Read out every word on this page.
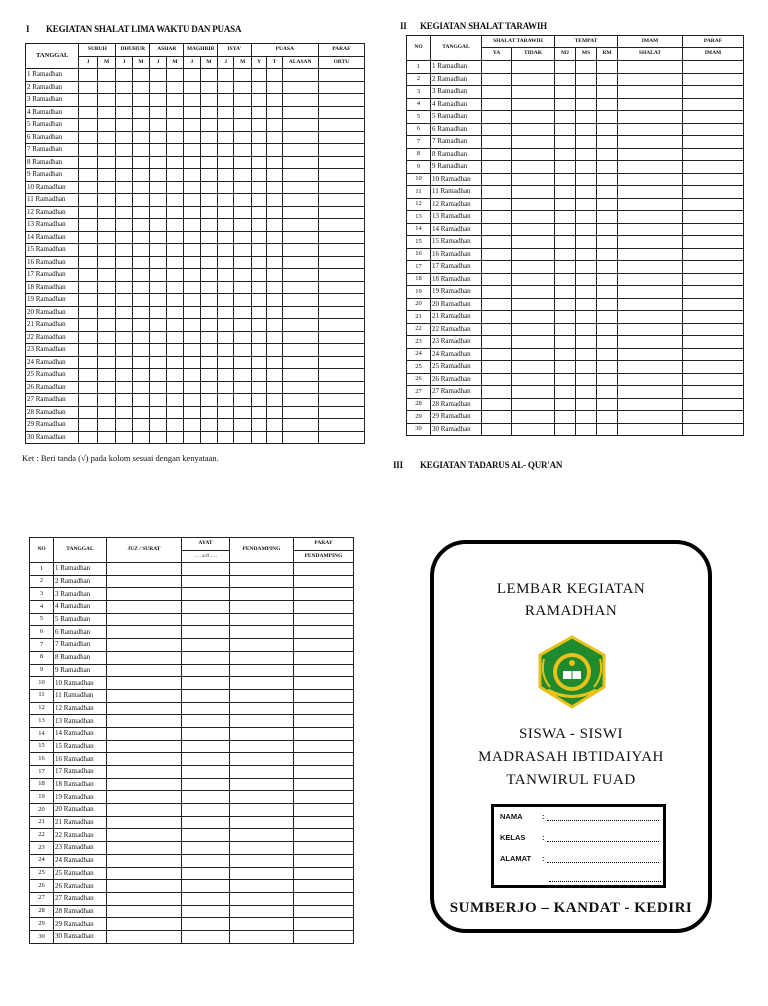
I KEGIATAN SHALAT LIMA WAKTU DAN PUASA
TANGGAL	SUBUH		DHUHUR		ASHAR		MAGHRIB		ISYA'		PUASA			PARAF
	J	M	J	M	J	M	J	M	J	M	Y	T	ALASAN	ORTU
1 Ramadhan														
2 Ramadhan														
3 Ramadhan														
4 Ramadhan														
5 Ramadhan														
6 Ramadhan														
7 Ramadhan														
8 Ramadhan														
9 Ramadhan														
10 Ramadhan														
11 Ramadhan														
12 Ramadhan														
13 Ramadhan														
14 Ramadhan														
15 Ramadhan														
16 Ramadhan														
17 Ramadhan														
18 Ramadhan														
19 Ramadhan														
20 Ramadhan														
21 Ramadhan														
22 Ramadhan														
23 Ramadhan														
24 Ramadhan														
25 Ramadhan														
26 Ramadhan														
27 Ramadhan														
28 Ramadhan														
29 Ramadhan														
30 Ramadhan														
Ket : Beri tanda (√) pada kolom sesuai dengan kenyataan.
II KEGIATAN SHALAT TARAWIH
NO	TANGGAL	SHALAT TARAWIH		TEMPAT			IMAM	PARAF
		YA	TIDAK	MJ	MS	RM	SHALAT	IMAM
1	1 Ramadhan							
2	2 Ramadhan							
3	3 Ramadhan							
4	4 Ramadhan							
5	5 Ramadhan							
6	6 Ramadhan							
7	7 Ramadhan							
8	8 Ramadhan							
9	9 Ramadhan							
10	10 Ramadhan							
11	11 Ramadhan							
12	12 Ramadhan							
13	13 Ramadhan							
14	14 Ramadhan							
15	15 Ramadhan							
16	16 Ramadhan							
17	17 Ramadhan							
18	18 Ramadhan							
19	19 Ramadhan							
20	20 Ramadhan							
21	21 Ramadhan							
22	22 Ramadhan							
23	23 Ramadhan							
24	24 Ramadhan							
25	25 Ramadhan							
26	26 Ramadhan							
27	27 Ramadhan							
28	28 Ramadhan							
29	29 Ramadhan							
30	30 Ramadhan							
III KEGIATAN TADARUS AL- QUR'AN
NO	TANGGAL	JUZ / SURAT	AYAT	PENDAMPING	PARAF
			…. s/d ….		PENDAMPING
1	1 Ramadhan				
2	2 Ramadhan				
3	3 Ramadhan				
4	4 Ramadhan				
5	5 Ramadhan				
6	6 Ramadhan				
7	7 Ramadhan				
8	8 Ramadhan				
9	9 Ramadhan				
10	10 Ramadhan				
11	11 Ramadhan				
12	12 Ramadhan				
13	13 Ramadhan				
14	14 Ramadhan				
15	15 Ramadhan				
16	16 Ramadhan				
17	17 Ramadhan				
18	18 Ramadhan				
19	19 Ramadhan				
20	20 Ramadhan				
21	21 Ramadhan				
22	22 Ramadhan				
23	23 Ramadhan				
24	24 Ramadhan				
25	25 Ramadhan				
26	26 Ramadhan				
27	27 Ramadhan				
28	28 Ramadhan				
29	29 Ramadhan				
30	30 Ramadhan				
LEMBAR KEGIATAN
RAMADHAN
SISWA - SISWI
MADRASAH IBTIDAIYAH
TANWIRUL FUAD
NAMA	:
KELAS :
ALAMAT :

SUMBERJO – KANDAT - KEDIRI
